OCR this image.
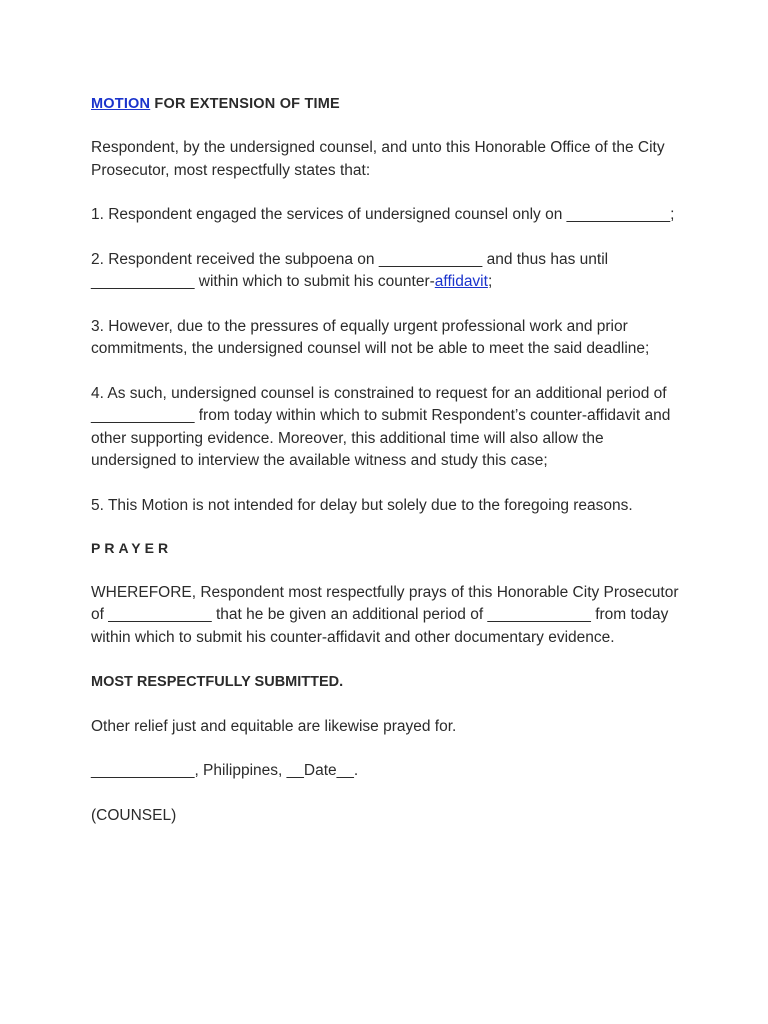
MOTION FOR EXTENSION OF TIME

Respondent, by the undersigned counsel, and unto this Honorable Office of the City Prosecutor, most respectfully states that:

1. Respondent engaged the services of undersigned counsel only on ____________;

2. Respondent received the subpoena on ____________ and thus has until ____________ within which to submit his counter-affidavit;

3. However, due to the pressures of equally urgent professional work and prior commitments, the undersigned counsel will not be able to meet the said deadline;

4. As such, undersigned counsel is constrained to request for an additional period of ____________ from today within which to submit Respondent’s counter-affidavit and other supporting evidence. Moreover, this additional time will also allow the undersigned to interview the available witness and study this case;

5. This Motion is not intended for delay but solely due to the foregoing reasons.

PRAYER

WHEREFORE, Respondent most respectfully prays of this Honorable City Prosecutor of ____________ that he be given an additional period of ____________ from today within which to submit his counter-affidavit and other documentary evidence.

MOST RESPECTFULLY SUBMITTED.

Other relief just and equitable are likewise prayed for.

____________, Philippines, __Date__.

(COUNSEL)
